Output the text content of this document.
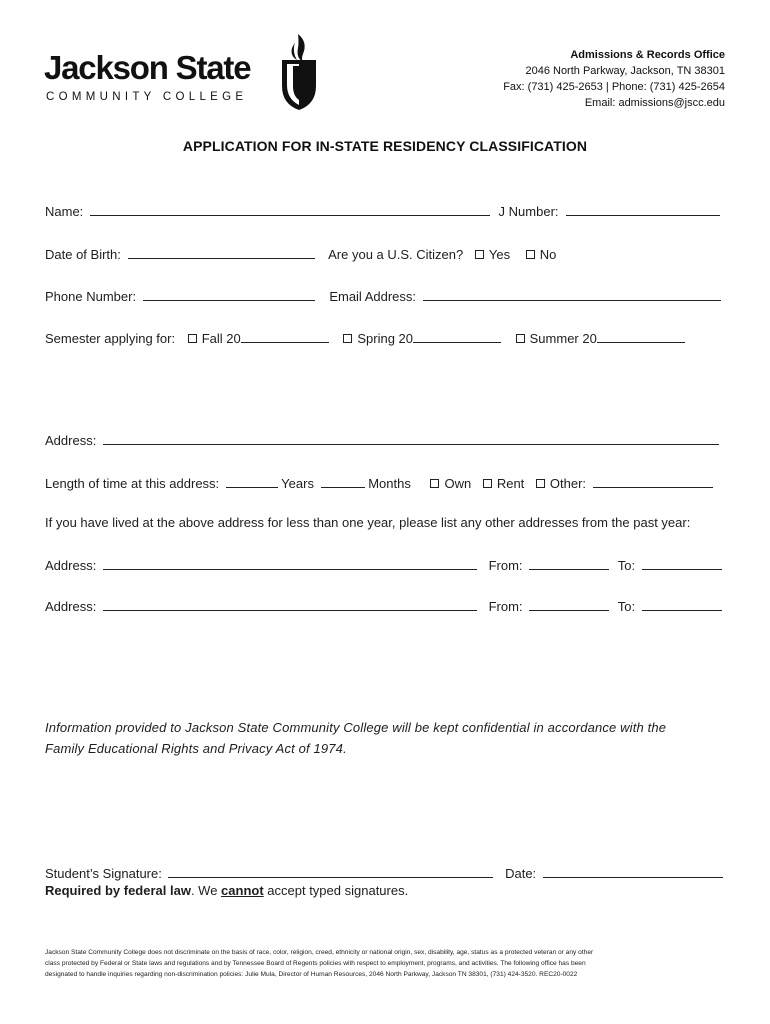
Jackson State
COMMUNITY COLLEGE
Admissions & Records Office
2046 North Parkway, Jackson, TN 38301
Fax: (731) 425-2653 | Phone: (731) 425-2654
Email: admissions@jscc.edu
APPLICATION FOR IN-STATE RESIDENCY CLASSIFICATION
Name:	J Number:
Date of Birth:	Are you a U.S. Citizen? Yes No
Phone Number:	Email Address:
Semester applying for: Fall 20	Spring 20	Summer 20
Address:
Length of time at this address:	Years	Months	Own Rent Other:
If you have lived at the above address for less than one year, please list any other addresses from the past year:
Address:	From:	To:
Address:	From:	To:
Information provided to Jackson State Community College will be kept confidential in accordance with the
Family Educational Rights and Privacy Act of 1974.
Student’s Signature:	Date:
Required by federal law. We cannot accept typed signatures.
Jackson State Community College does not discriminate on the basis of race, color, religion, creed, ethnicity or national origin, sex, disability, age, status as a protected veteran or any other
class protected by Federal or State laws and regulations and by Tennessee Board of Regents policies with respect to employment, programs, and activities. The following office has been
designated to handle inquiries regarding non-discrimination policies: Julie Mula, Director of Human Resources, 2046 North Parkway, Jackson TN 38301, (731) 424-3520. REC20-0022
